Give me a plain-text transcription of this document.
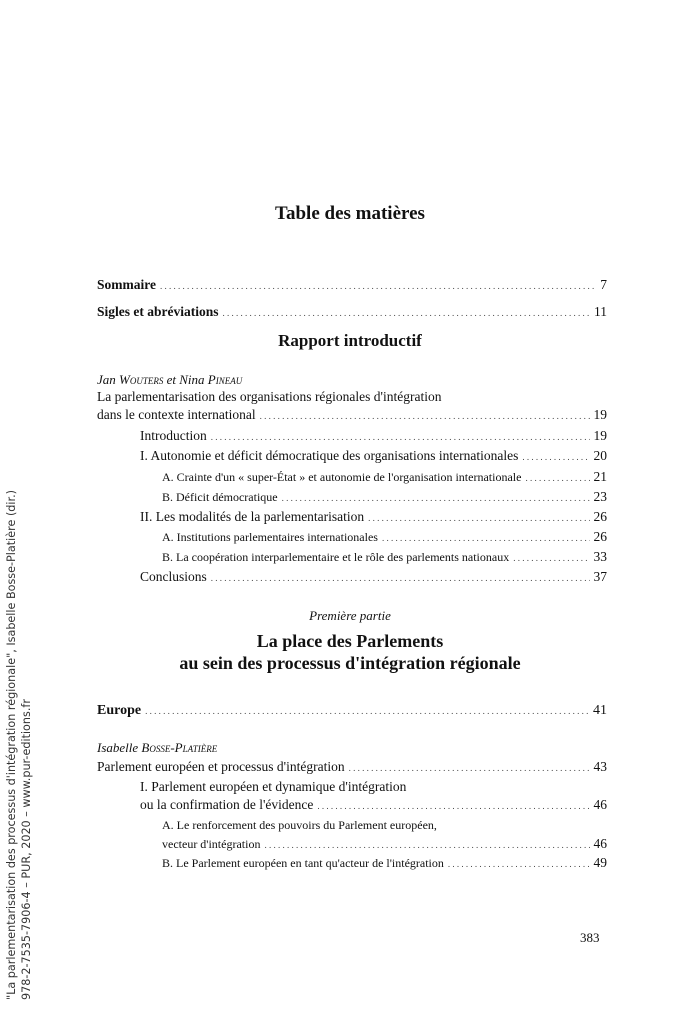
"La parlementarisation des processus d'intégration régionale", Isabelle Bosse-Platière (dir.) 978-2-7535-7906-4 – PUR, 2020 – www.pur-editions.fr
Table des matières
Sommaire . . .	7
Sigles et abréviations . . .	11
Rapport introductif
Jan Wouters et Nina Pineau
La parlementarisation des organisations régionales d'intégration
dans le contexte international . . .	19
Introduction . . .	19
I. Autonomie et déficit démocratique des organisations internationales . . .	20
A. Crainte d'un « super-État » et autonomie de l'organisation internationale . . .	21
B. Déficit démocratique . . .	23
II. Les modalités de la parlementarisation . . .	26
A. Institutions parlementaires internationales . . .	26
B. La coopération interparlementaire et le rôle des parlements nationaux . . .	33
Conclusions . . .	37
Première partie
La place des Parlements
au sein des processus d'intégration régionale
Europe . . .	41
Isabelle Bosse-Platière
Parlement européen et processus d'intégration . . .	43
I. Parlement européen et dynamique d'intégration
ou la confirmation de l'évidence . . .	46
A. Le renforcement des pouvoirs du Parlement européen,
vecteur d'intégration . . .	46
B. Le Parlement européen en tant qu'acteur de l'intégration . . .	49
383
